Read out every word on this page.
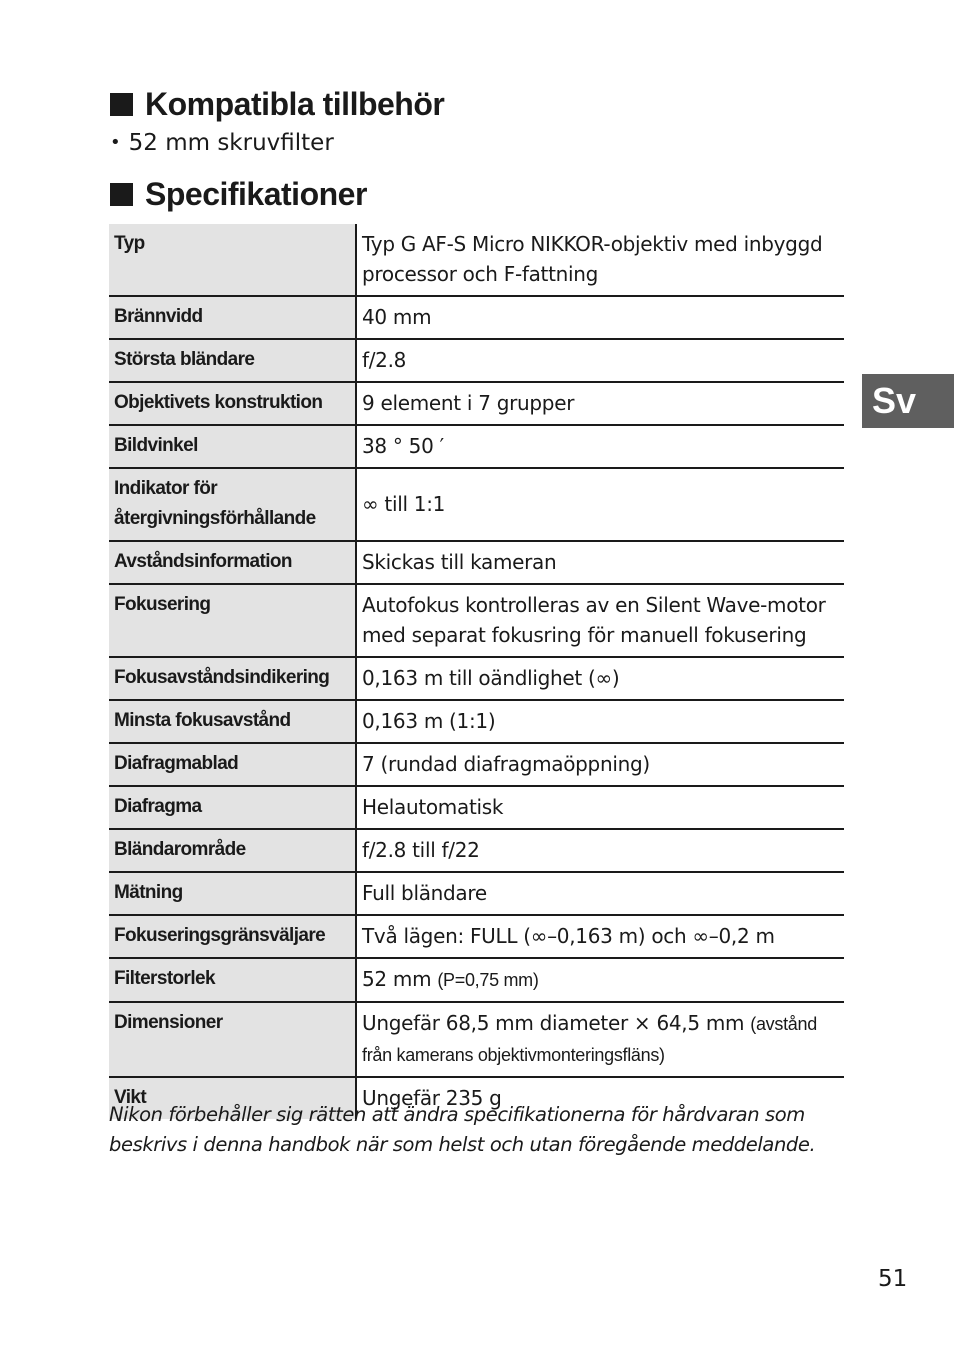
Kompatibla tillbehör

• 52 mm skruvfilter

Specifikationer
Typ	Typ G AF-S Micro NIKKOR-objektiv med inbyggd processor och F-fattning
Brännvidd	40 mm
Största bländare	f/2.8
Objektivets konstruktion	9 element i 7 grupper
Bildvinkel	38 ° 50 ′
Indikator för återgivningsförhållande	∞ till 1:1
Avståndsinformation	Skickas till kameran
Fokusering	Autofokus kontrolleras av en Silent Wave-motor med separat fokusring för manuell fokusering
Fokusavståndsindikering	0,163 m till oändlighet (∞)
Minsta fokusavstånd	0,163 m (1:1)
Diafragmablad	7 (rundad diafragmaöppning)
Diafragma	Helautomatisk
Bländarområde	f/2.8 till f/22
Mätning	Full bländare
Fokuseringsgränsväljare	Två lägen: FULL (∞–0,163 m) och ∞–0,2 m
Filterstorlek	52 mm (P=0,75 mm)
Dimensioner	Ungefär 68,5 mm diameter × 64,5 mm (avstånd från kamerans objektivmonteringsfläns)
Vikt	Ungefär 235 g

Nikon förbehåller sig rätten att ändra specifikationerna för hårdvaran som beskrivs i denna handbok när som helst och utan föregående meddelande.

Sv
51
